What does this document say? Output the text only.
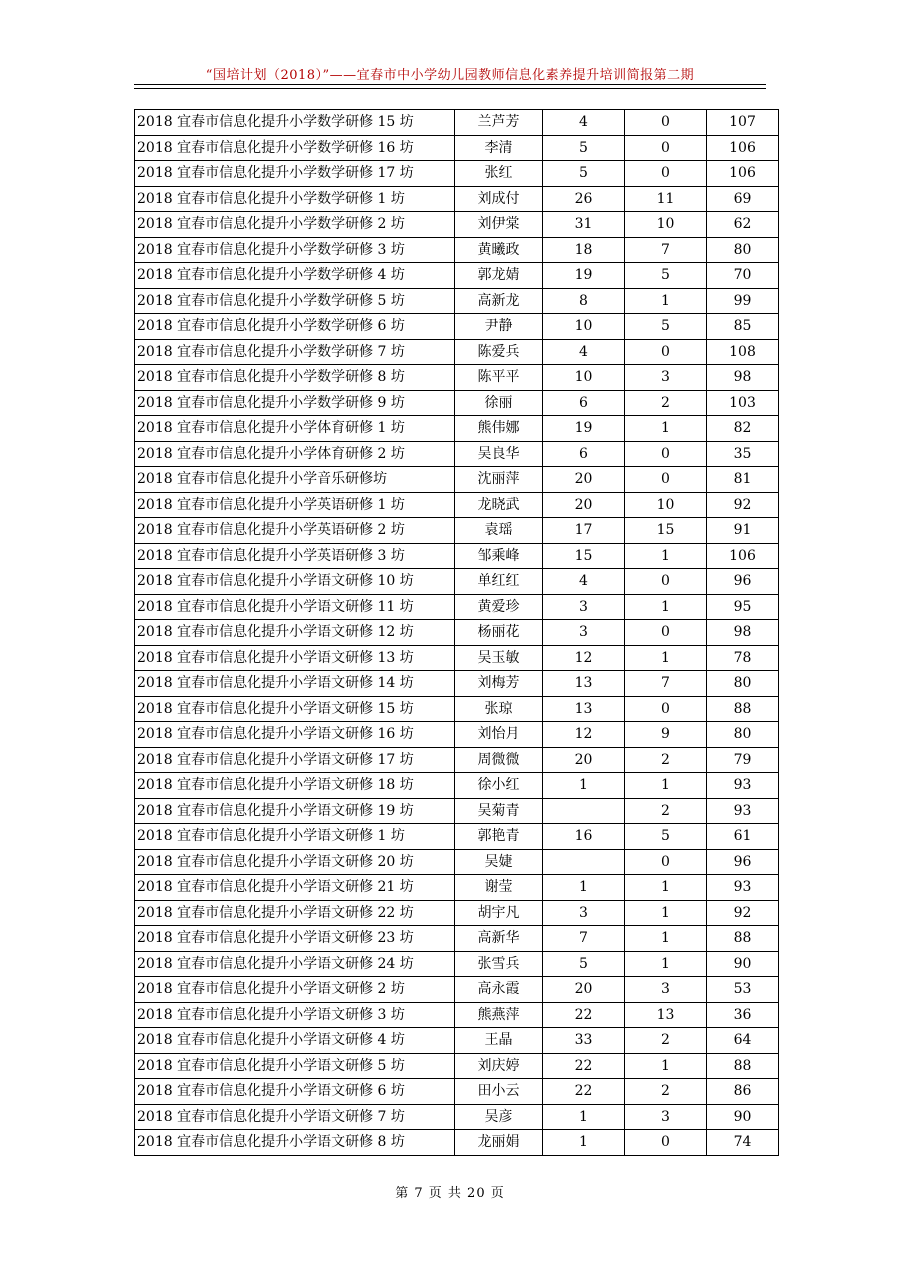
“国培计划（2018）”——宜春市中小学幼儿园教师信息化素养提升培训简报第二期
2018 宜春市信息化提升小学数学研修 15 坊	兰芦芳	4	0	107
2018 宜春市信息化提升小学数学研修 16 坊	李清	5	0	106
2018 宜春市信息化提升小学数学研修 17 坊	张红	5	0	106
2018 宜春市信息化提升小学数学研修 1 坊	刘成付	26	11	69
2018 宜春市信息化提升小学数学研修 2 坊	刘伊棠	31	10	62
2018 宜春市信息化提升小学数学研修 3 坊	黄曦政	18	7	80
2018 宜春市信息化提升小学数学研修 4 坊	郭龙婧	19	5	70
2018 宜春市信息化提升小学数学研修 5 坊	高新龙	8	1	99
2018 宜春市信息化提升小学数学研修 6 坊	尹静	10	5	85
2018 宜春市信息化提升小学数学研修 7 坊	陈爱兵	4	0	108
2018 宜春市信息化提升小学数学研修 8 坊	陈平平	10	3	98
2018 宜春市信息化提升小学数学研修 9 坊	徐丽	6	2	103
2018 宜春市信息化提升小学体育研修 1 坊	熊伟娜	19	1	82
2018 宜春市信息化提升小学体育研修 2 坊	吴良华	6	0	35
2018 宜春市信息化提升小学音乐研修坊	沈丽萍	20	0	81
2018 宜春市信息化提升小学英语研修 1 坊	龙晓武	20	10	92
2018 宜春市信息化提升小学英语研修 2 坊	袁瑶	17	15	91
2018 宜春市信息化提升小学英语研修 3 坊	邹乘峰	15	1	106
2018 宜春市信息化提升小学语文研修 10 坊	单红红	4	0	96
2018 宜春市信息化提升小学语文研修 11 坊	黄爱珍	3	1	95
2018 宜春市信息化提升小学语文研修 12 坊	杨丽花	3	0	98
2018 宜春市信息化提升小学语文研修 13 坊	吴玉敏	12	1	78
2018 宜春市信息化提升小学语文研修 14 坊	刘梅芳	13	7	80
2018 宜春市信息化提升小学语文研修 15 坊	张琼	13	0	88
2018 宜春市信息化提升小学语文研修 16 坊	刘怡月	12	9	80
2018 宜春市信息化提升小学语文研修 17 坊	周微微	20	2	79
2018 宜春市信息化提升小学语文研修 18 坊	徐小红	1	1	93
2018 宜春市信息化提升小学语文研修 19 坊	吴菊青		2	93
2018 宜春市信息化提升小学语文研修 1 坊	郭艳青	16	5	61
2018 宜春市信息化提升小学语文研修 20 坊	吴婕		0	96
2018 宜春市信息化提升小学语文研修 21 坊	谢莹	1	1	93
2018 宜春市信息化提升小学语文研修 22 坊	胡宇凡	3	1	92
2018 宜春市信息化提升小学语文研修 23 坊	高新华	7	1	88
2018 宜春市信息化提升小学语文研修 24 坊	张雪兵	5	1	90
2018 宜春市信息化提升小学语文研修 2 坊	高永霞	20	3	53
2018 宜春市信息化提升小学语文研修 3 坊	熊燕萍	22	13	36
2018 宜春市信息化提升小学语文研修 4 坊	王晶	33	2	64
2018 宜春市信息化提升小学语文研修 5 坊	刘庆婷	22	1	88
2018 宜春市信息化提升小学语文研修 6 坊	田小云	22	2	86
2018 宜春市信息化提升小学语文研修 7 坊	吴彦	1	3	90
2018 宜春市信息化提升小学语文研修 8 坊	龙丽娟	1	0	74
第 7 页 共 20 页
